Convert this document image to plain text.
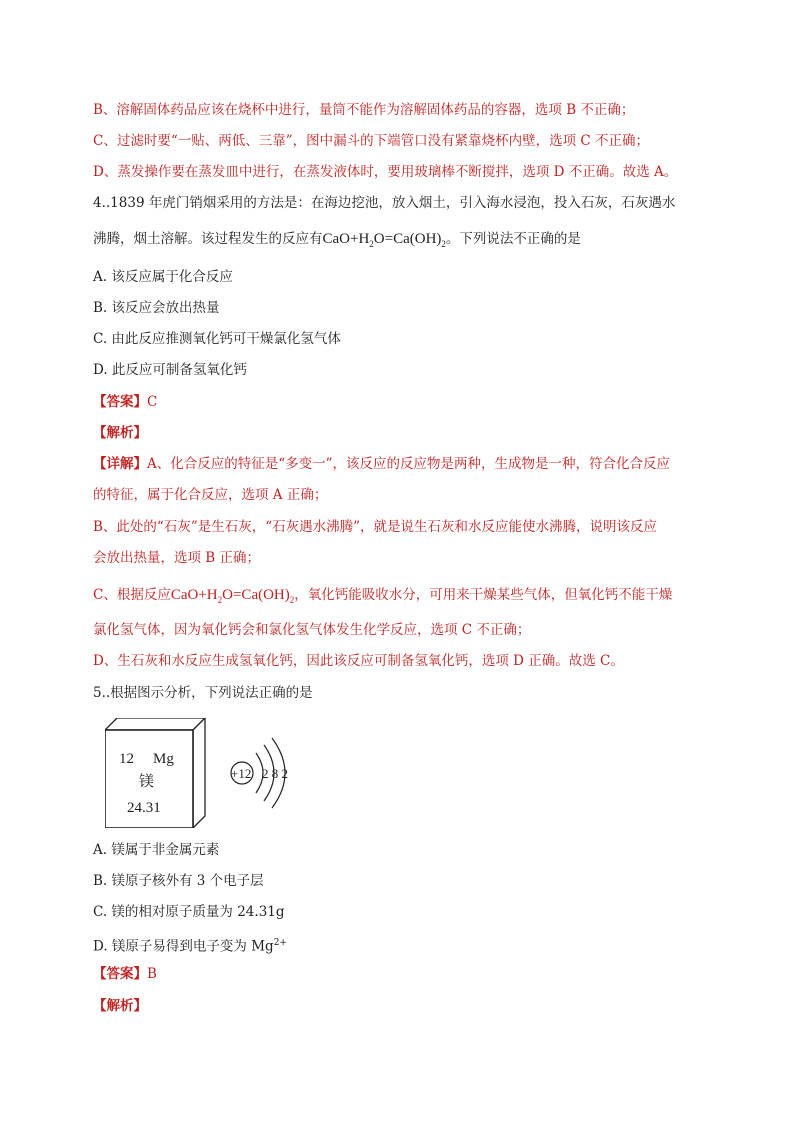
B、溶解固体药品应该在烧杯中进行，量筒不能作为溶解固体药品的容器，选项 B 不正确；
C、过滤时要“一贴、两低、三靠”，图中漏斗的下端管口没有紧靠烧杯内壁，选项 C 不正确；
D、蒸发操作要在蒸发皿中进行，在蒸发液体时，要用玻璃棒不断搅拌，选项 D 不正确。故选 A。
4..1839 年虎门销烟采用的方法是：在海边挖池，放入烟土，引入海水浸泡，投入石灰，石灰遇水
沸腾，烟土溶解。该过程发生的反应有$CaO+H_2O=Ca(OH)_2$。下列说法不正确的是
A. 该反应属于化合反应
B. 该反应会放出热量
C. 由此反应推测氧化钙可干燥氯化氢气体
D. 此反应可制备氢氧化钙
【答案】C
【解析】
【详解】A、化合反应的特征是“多变一”，该反应的反应物是两种，生成物是一种，符合化合反应
的特征，属于化合反应，选项 A 正确；
B、此处的“石灰”是生石灰，“石灰遇水沸腾”，就是说生石灰和水反应能使水沸腾，说明该反应
会放出热量，选项 B 正确；
C、根据反应$CaO+H_2O=Ca(OH)_2$，氧化钙能吸收水分，可用来干燥某些气体，但氧化钙不能干燥
氯化氢气体，因为氧化钙会和氯化氢气体发生化学反应，选项 C 不正确；
D、生石灰和水反应生成氢氧化钙，因此该反应可制备氢氧化钙，选项 D 正确。故选 C。
5..根据图示分析，下列说法正确的是
12 Mg
镁
24.31
+12 2 8 2
A. 镁属于非金属元素
B. 镁原子核外有 3 个电子层
C. 镁的相对原子质量为 24.31g
D. 镁原子易得到电子变为 $Mg^{2+}$
【答案】B
【解析】
